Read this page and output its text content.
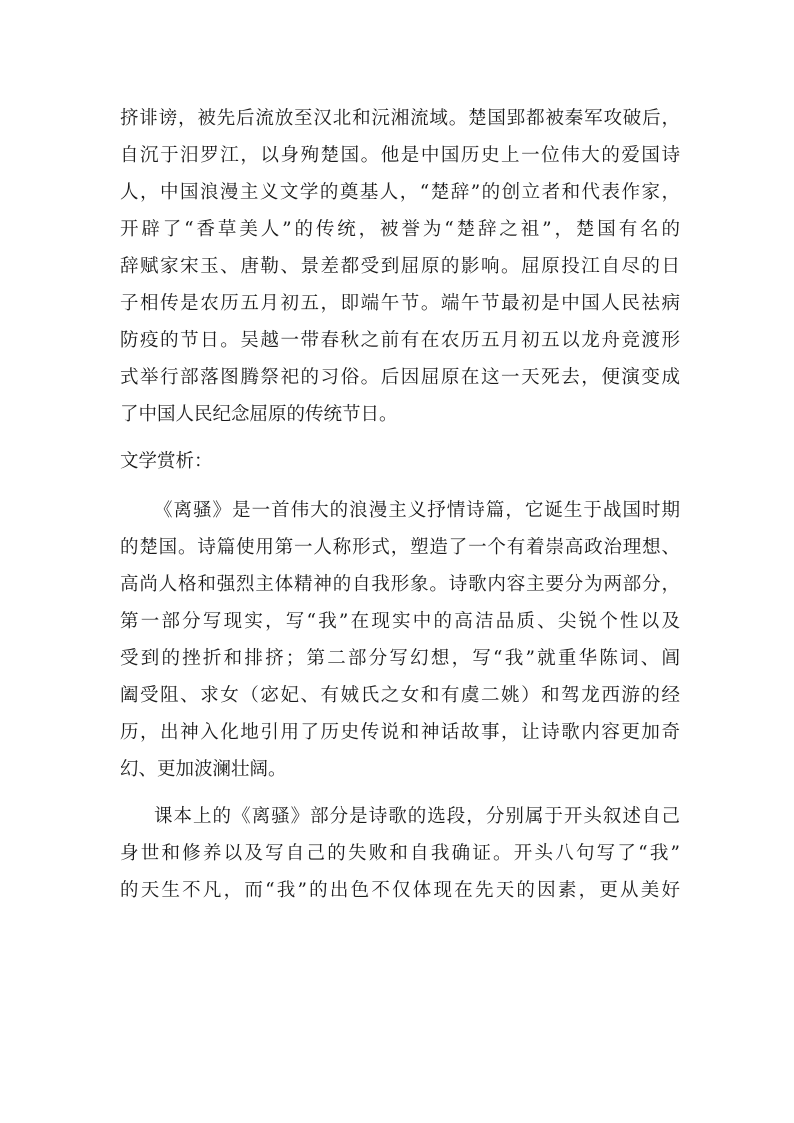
挤诽谤，被先后流放至汉北和沅湘流域。楚国郢都被秦军攻破后，
自沉于汨罗江，以身殉楚国。他是中国历史上一位伟大的爱国诗
人，中国浪漫主义文学的奠基人，“楚辞”的创立者和代表作家，
开辟了“香草美人”的传统，被誉为“楚辞之祖”，楚国有名的
辞赋家宋玉、唐勒、景差都受到屈原的影响。屈原投江自尽的日
子相传是农历五月初五，即端午节。端午节最初是中国人民祛病
防疫的节日。吴越一带春秋之前有在农历五月初五以龙舟竞渡形
式举行部落图腾祭祀的习俗。后因屈原在这一天死去，便演变成
了中国人民纪念屈原的传统节日。
文学赏析：
《离骚》是一首伟大的浪漫主义抒情诗篇，它诞生于战国时期
的楚国。诗篇使用第一人称形式，塑造了一个有着崇高政治理想、
高尚人格和强烈主体精神的自我形象。诗歌内容主要分为两部分，
第一部分写现实，写“我”在现实中的高洁品质、尖锐个性以及
受到的挫折和排挤；第二部分写幻想，写“我”就重华陈词、阊
阖受阻、求女（宓妃、有娀氏之女和有虞二姚）和驾龙西游的经
历，出神入化地引用了历史传说和神话故事，让诗歌内容更加奇
幻、更加波澜壮阔。
课本上的《离骚》部分是诗歌的选段，分别属于开头叙述自己
身世和修养以及写自己的失败和自我确证。开头八句写了“我”
的天生不凡，而“我”的出色不仅体现在先天的因素，更从美好
